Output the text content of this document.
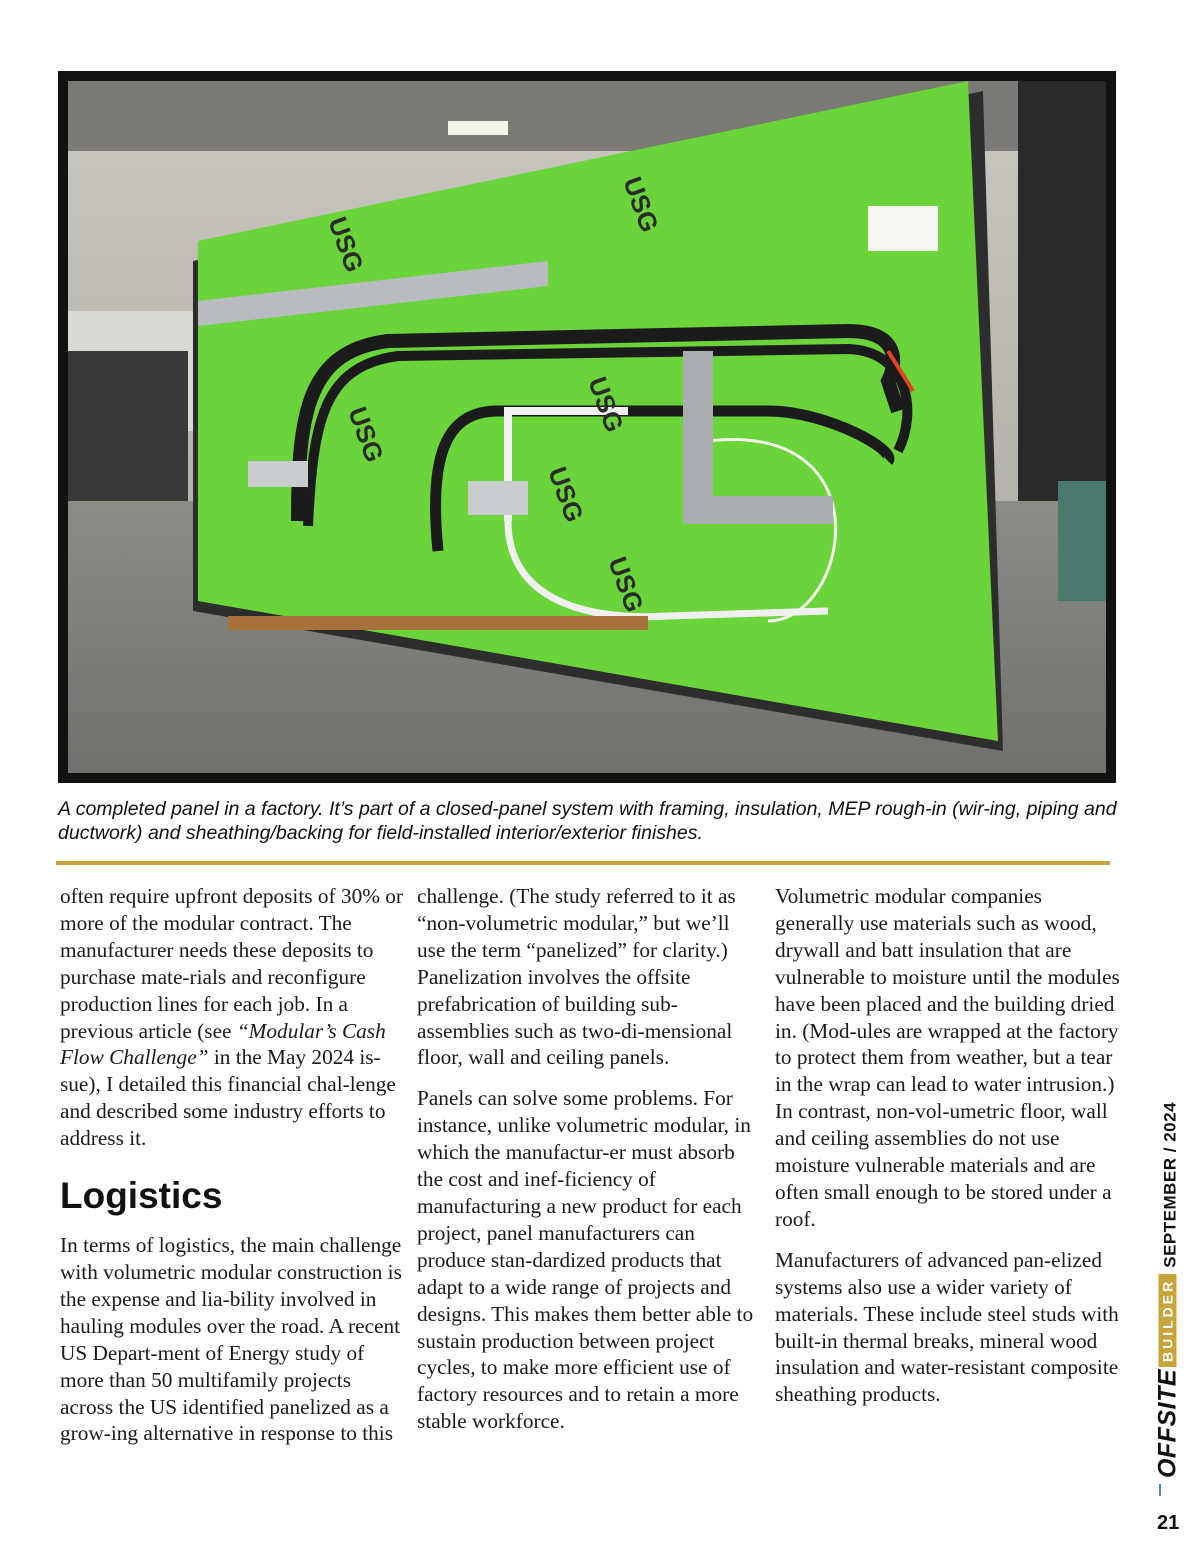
USG
USG
USG
USG
USG
USG
A completed panel in a factory. It’s part of a closed-panel system with framing, insulation, MEP rough-in (wir-ing, piping and ductwork) and sheathing/backing for field-installed interior/exterior finishes.

often require upfront deposits of 30% or more of the modular contract. The manufacturer needs these deposits to purchase mate-rials and reconfigure production lines for each job. In a previous article (see “Modular’s Cash Flow Challenge” in the May 2024 is-sue), I detailed this financial chal-lenge and described some industry efforts to address it.

Logistics

In terms of logistics, the main challenge with volumetric modular construction is the expense and lia-bility involved in hauling modules over the road. A recent US Depart-ment of Energy study of more than 50 multifamily projects across the US identified panelized as a grow-ing alternative in response to this

challenge. (The study referred to it as “non-volumetric modular,” but we’ll use the term “panelized” for clarity.) Panelization involves the offsite prefabrication of building sub-assemblies such as two-di-mensional floor, wall and ceiling panels.

Panels can solve some problems. For instance, unlike volumetric modular, in which the manufactur-er must absorb the cost and inef-ficiency of manufacturing a new product for each project, panel manufacturers can produce stan-dardized products that adapt to a wide range of projects and designs. This makes them better able to sustain production between project cycles, to make more efficient use of factory resources and to retain a more stable workforce.

Volumetric modular companies generally use materials such as wood, drywall and batt insulation that are vulnerable to moisture until the modules have been placed and the building dried in. (Mod-ules are wrapped at the factory to protect them from weather, but a tear in the wrap can lead to water intrusion.) In contrast, non-vol-umetric floor, wall and ceiling assemblies do not use moisture vulnerable materials and are often small enough to be stored under a roof.

Manufacturers of advanced pan-elized systems also use a wider variety of materials. These include steel studs with built-in thermal breaks, mineral wood insulation and water-resistant composite sheathing products.	OFFSITEBUILDERSEPTEMBER / 2024
21
